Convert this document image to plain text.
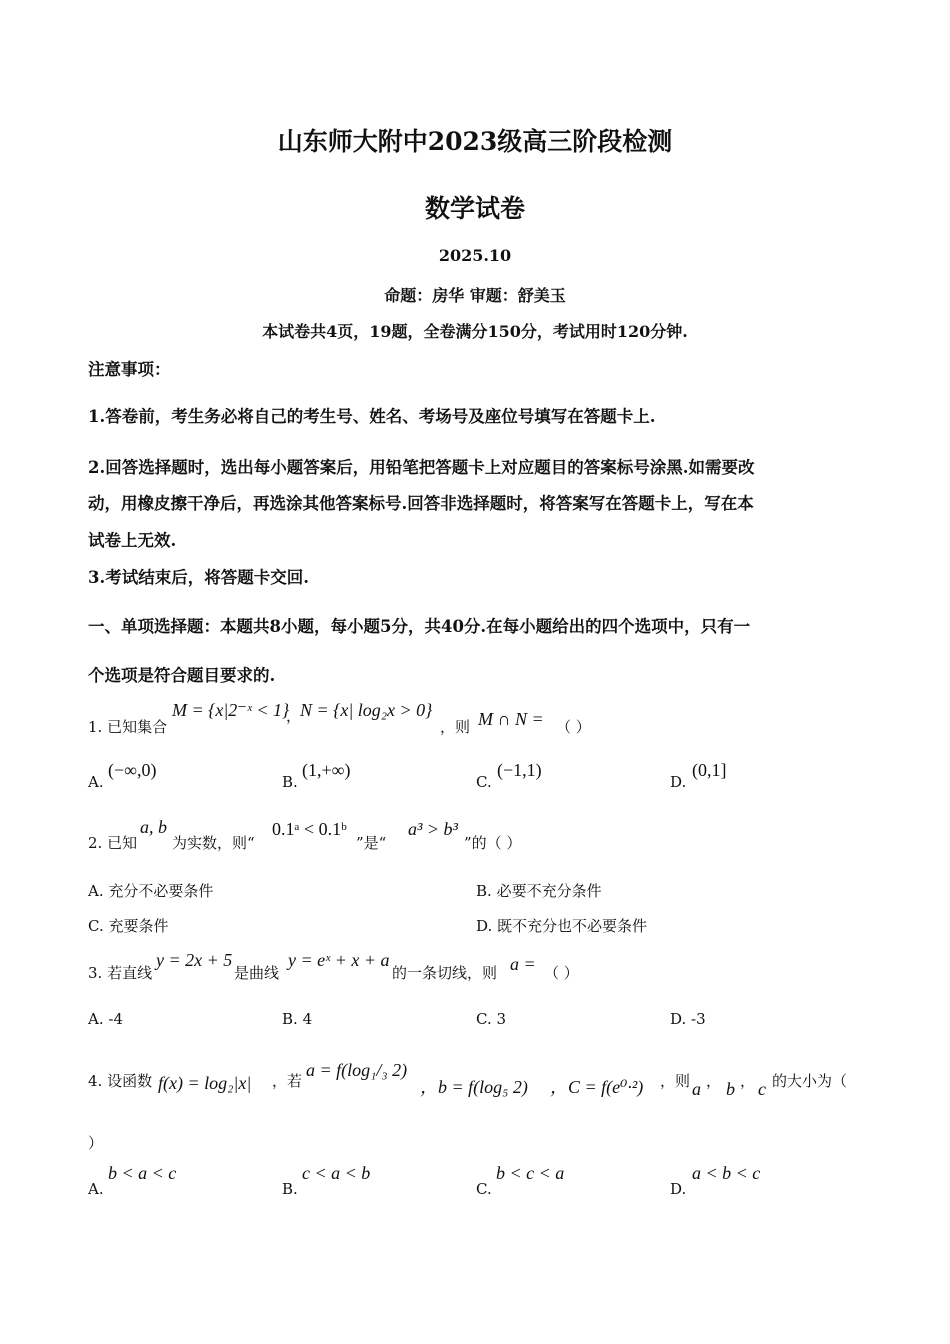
山东师大附中2023级高三阶段检测
数学试卷
2025.10
命题：房华 审题：舒美玉
本试卷共4页，19题，全卷满分150分，考试用时120分钟.
注意事项：
1.答卷前，考生务必将自己的考生号、姓名、考场号及座位号填写在答题卡上.
2.回答选择题时，选出每小题答案后，用铅笔把答题卡上对应题目的答案标号涂黑.如需要改
动，用橡皮擦干净后，再选涂其他答案标号.回答非选择题时，将答案写在答题卡上，写在本
试卷上无效.
3.考试结束后，将答题卡交回.
一、单项选择题：本题共8小题，每小题5分，共40分.在每小题给出的四个选项中，只有一
个选项是符合题目要求的.
1. 已知集合
M = {x|2⁻ˣ < 1}
，
N = {x| log₂x > 0}
，则 M ∩ N = （ ）
A.
(−∞,0)
B.
(1,+∞)
C.
(−1,1)
D.
(0,1]
2. 已知
a, b
为实数，则“
0.1ᵃ < 0.1ᵇ
”是“
a³ > b³
”的（ ）
A. 充分不必要条件	B. 必要不充分条件
C. 充要条件	D. 既不充分也不必要条件
3. 若直线
y = 2x + 5
是曲线
y = eˣ + x + a
的一条切线，则 a = （ ）
A. -4	B. 4	C. 3	D. -3
4. 设函数 f(x) = log₂|x| ，若
a = f(log₁/₃ 2)
，b = f(log₅ 2) ，C = f(e⁰·²) ，则 a ， b ， c 的大小为（
）
A.
b < a < c
B.
c < a < b
C.
b < c < a
D.
a < b < c
